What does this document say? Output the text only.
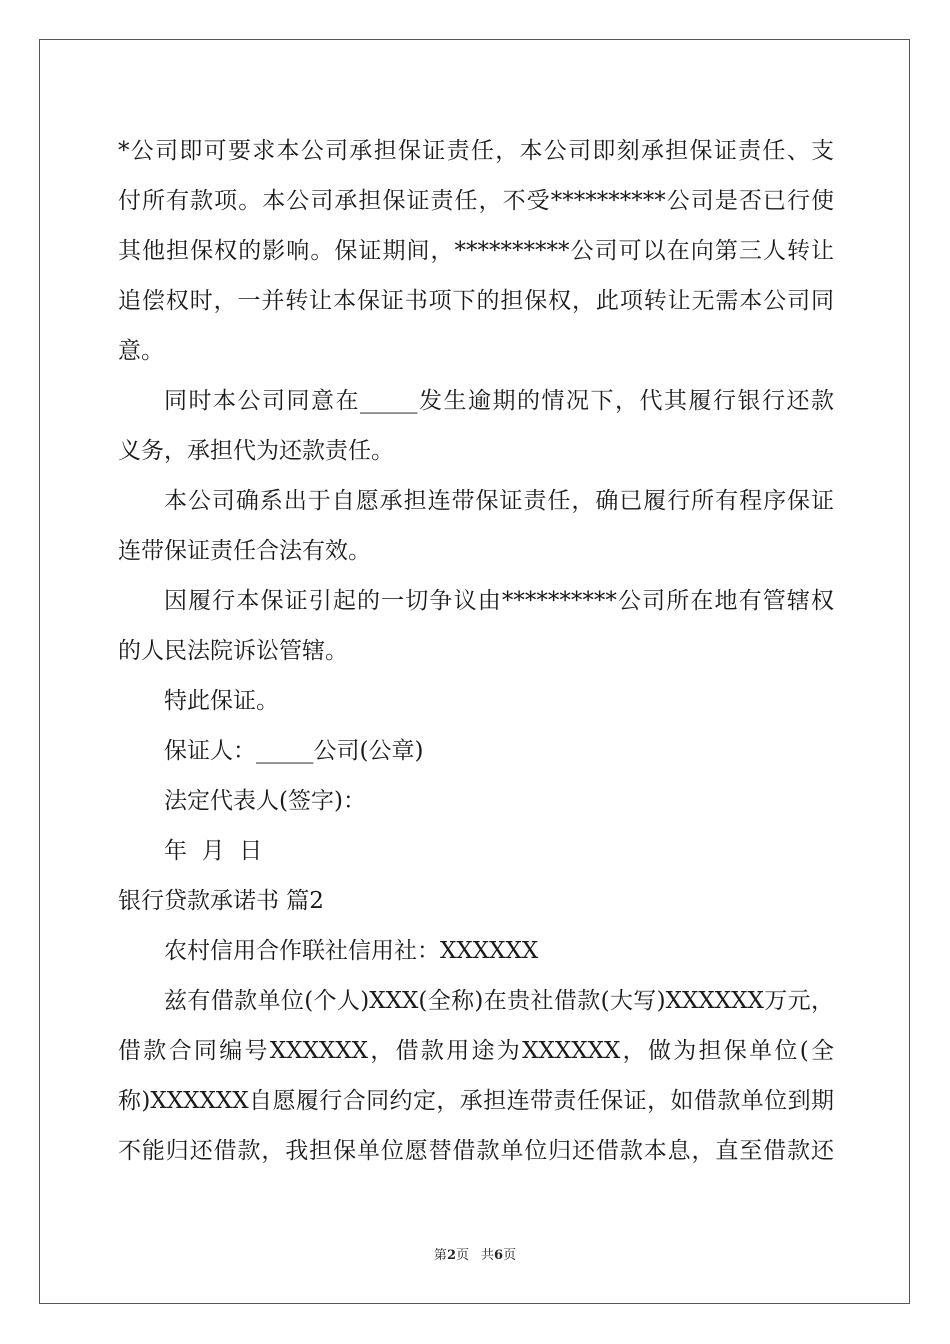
*公司即可要求本公司承担保证责任，本公司即刻承担保证责任、支
付所有款项。本公司承担保证责任，不受**********公司是否已行使
其他担保权的影响。保证期间，**********公司可以在向第三人转让
追偿权时，一并转让本保证书项下的担保权，此项转让无需本公司同
意。
同时本公司同意在_____发生逾期的情况下，代其履行银行还款
义务，承担代为还款责任。
本公司确系出于自愿承担连带保证责任，确已履行所有程序保证
连带保证责任合法有效。
因履行本保证引起的一切争议由**********公司所在地有管辖权
的人民法院诉讼管辖。
特此保证。
保证人：_____公司(公章)
法定代表人(签字)：
年  月  日
银行贷款承诺书 篇2
农村信用合作联社信用社：XXXXXX
兹有借款单位(个人)XXX(全称)在贵社借款(大写)XXXXXX万元，
借款合同编号XXXXXX，借款用途为XXXXXX，做为担保单位(全
称)XXXXXX自愿履行合同约定，承担连带责任保证，如借款单位到期
不能归还借款，我担保单位愿替借款单位归还借款本息，直至借款还
第2页 共6页
